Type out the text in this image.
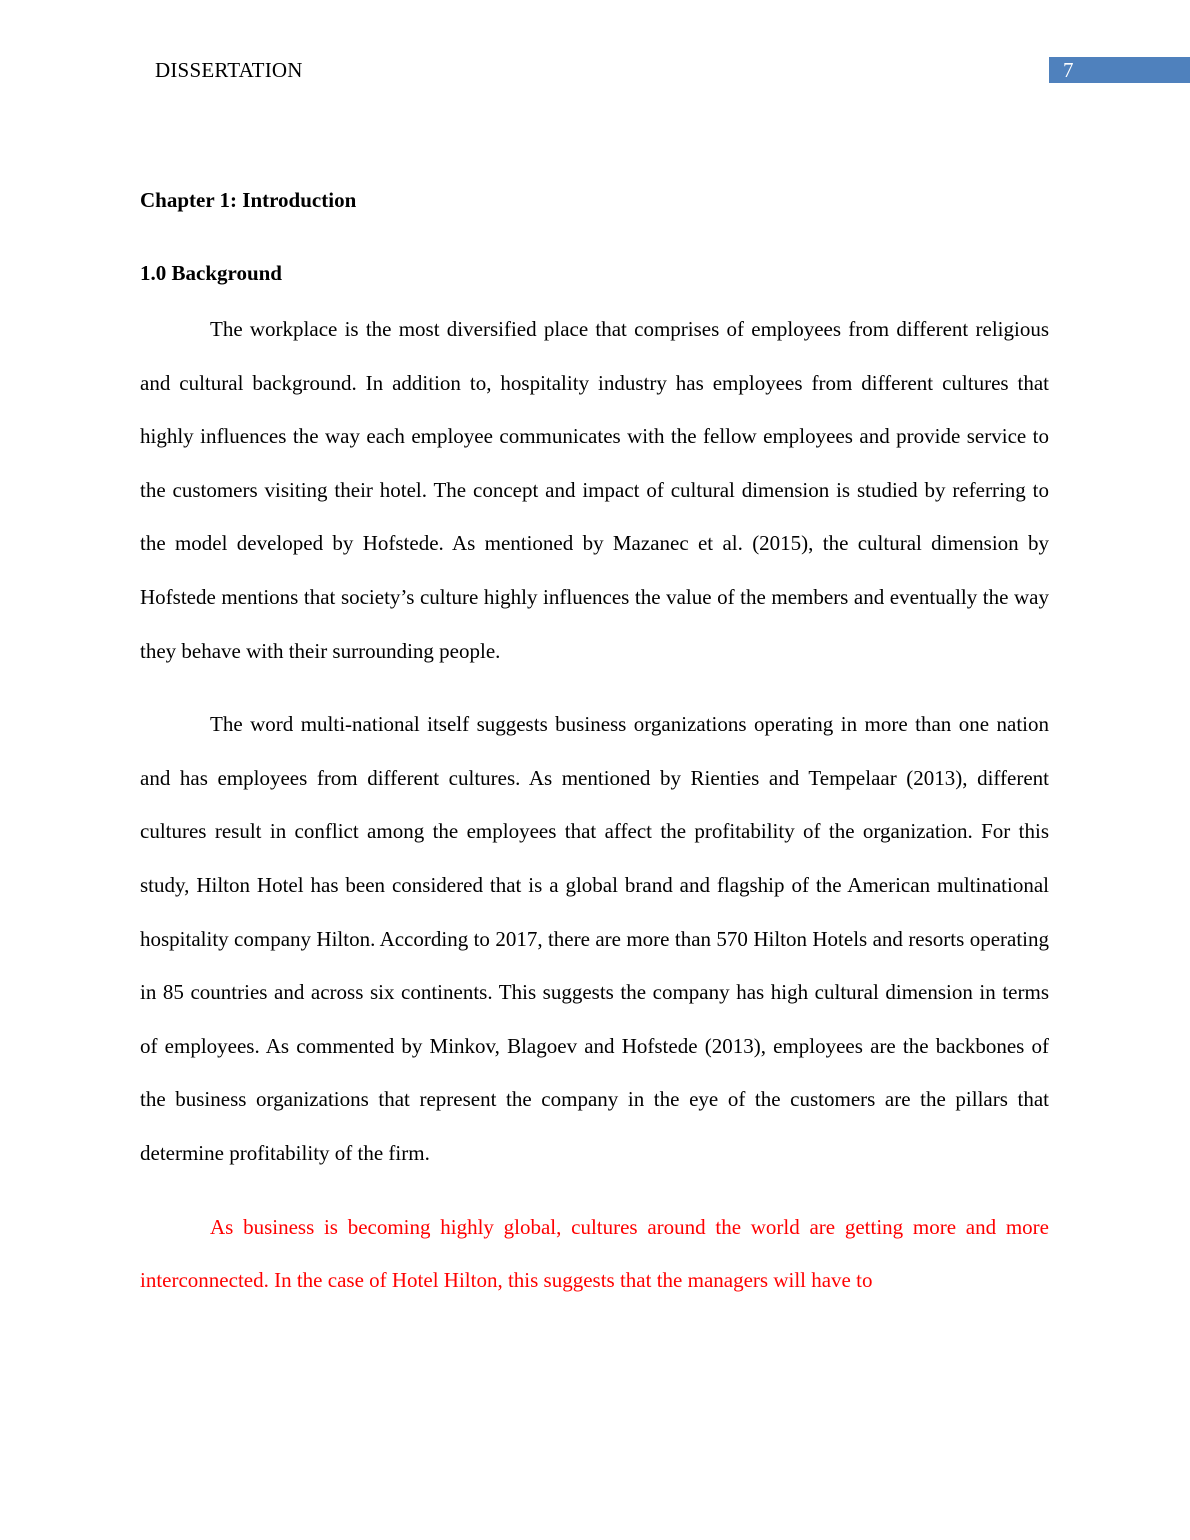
DISSERTATION	7
Chapter 1: Introduction
1.0 Background

The workplace is the most diversified place that comprises of employees from different religious and cultural background. In addition to, hospitality industry has employees from different cultures that highly influences the way each employee communicates with the fellow employees and provide service to the customers visiting their hotel. The concept and impact of cultural dimension is studied by referring to the model developed by Hofstede. As mentioned by Mazanec et al. (2015), the cultural dimension by Hofstede mentions that society’s culture highly influences the value of the members and eventually the way they behave with their surrounding people.

The word multi-national itself suggests business organizations operating in more than one nation and has employees from different cultures. As mentioned by Rienties and Tempelaar (2013), different cultures result in conflict among the employees that affect the profitability of the organization. For this study, Hilton Hotel has been considered that is a global brand and flagship of the American multinational hospitality company Hilton. According to 2017, there are more than 570 Hilton Hotels and resorts operating in 85 countries and across six continents. This suggests the company has high cultural dimension in terms of employees. As commented by Minkov, Blagoev and Hofstede (2013), employees are the backbones of the business organizations that represent the company in the eye of the customers are the pillars that determine profitability of the firm.

As business is becoming highly global, cultures around the world are getting more and more interconnected. In the case of Hotel Hilton, this suggests that the managers will have to
